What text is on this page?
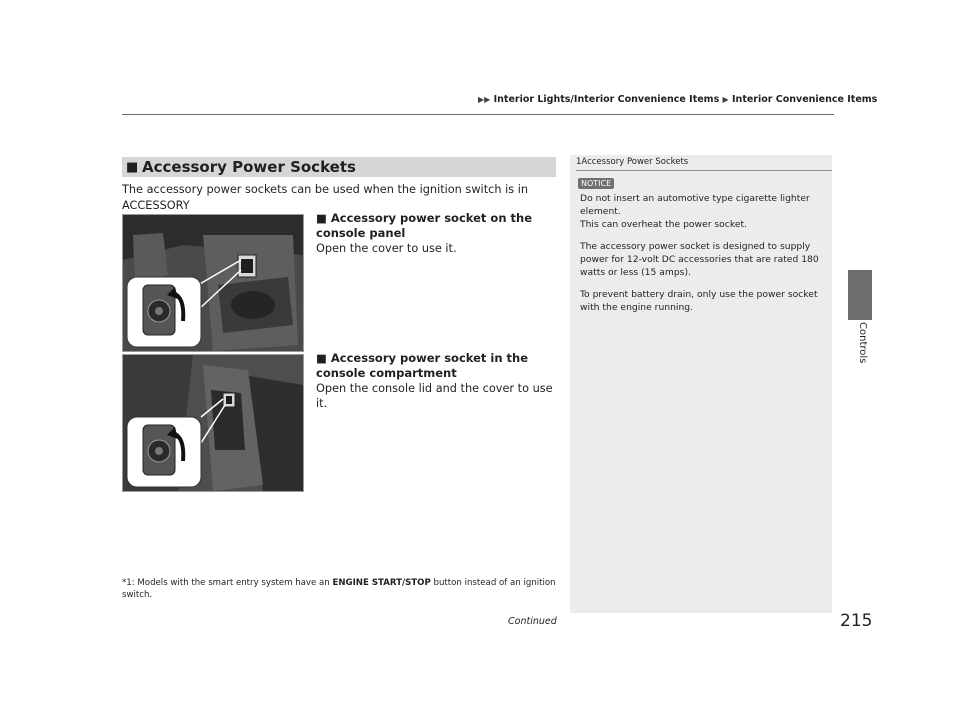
▶▶ Interior Lights/Interior Convenience Items ▶ Interior Convenience Items
■ Accessory Power Sockets
The accessory power sockets can be used when the ignition switch is in ACCESSORY

■ Accessory power socket on the console panel
Open the cover to use it.
■ Accessory power socket in the console compartment
Open the console lid and the cover to use it.
*1: Models with the smart entry system have an ENGINE START/STOP button instead of an ignition switch.
Continued
1Accessory Power Sockets
NOTICE

Do not insert an automotive type cigarette lighter element.
This can overheat the power socket.

The accessory power socket is designed to supply power for 12-volt DC accessories that are rated 180 watts or less (15 amps).

To prevent battery drain, only use the power socket with the engine running.

Controls
215
